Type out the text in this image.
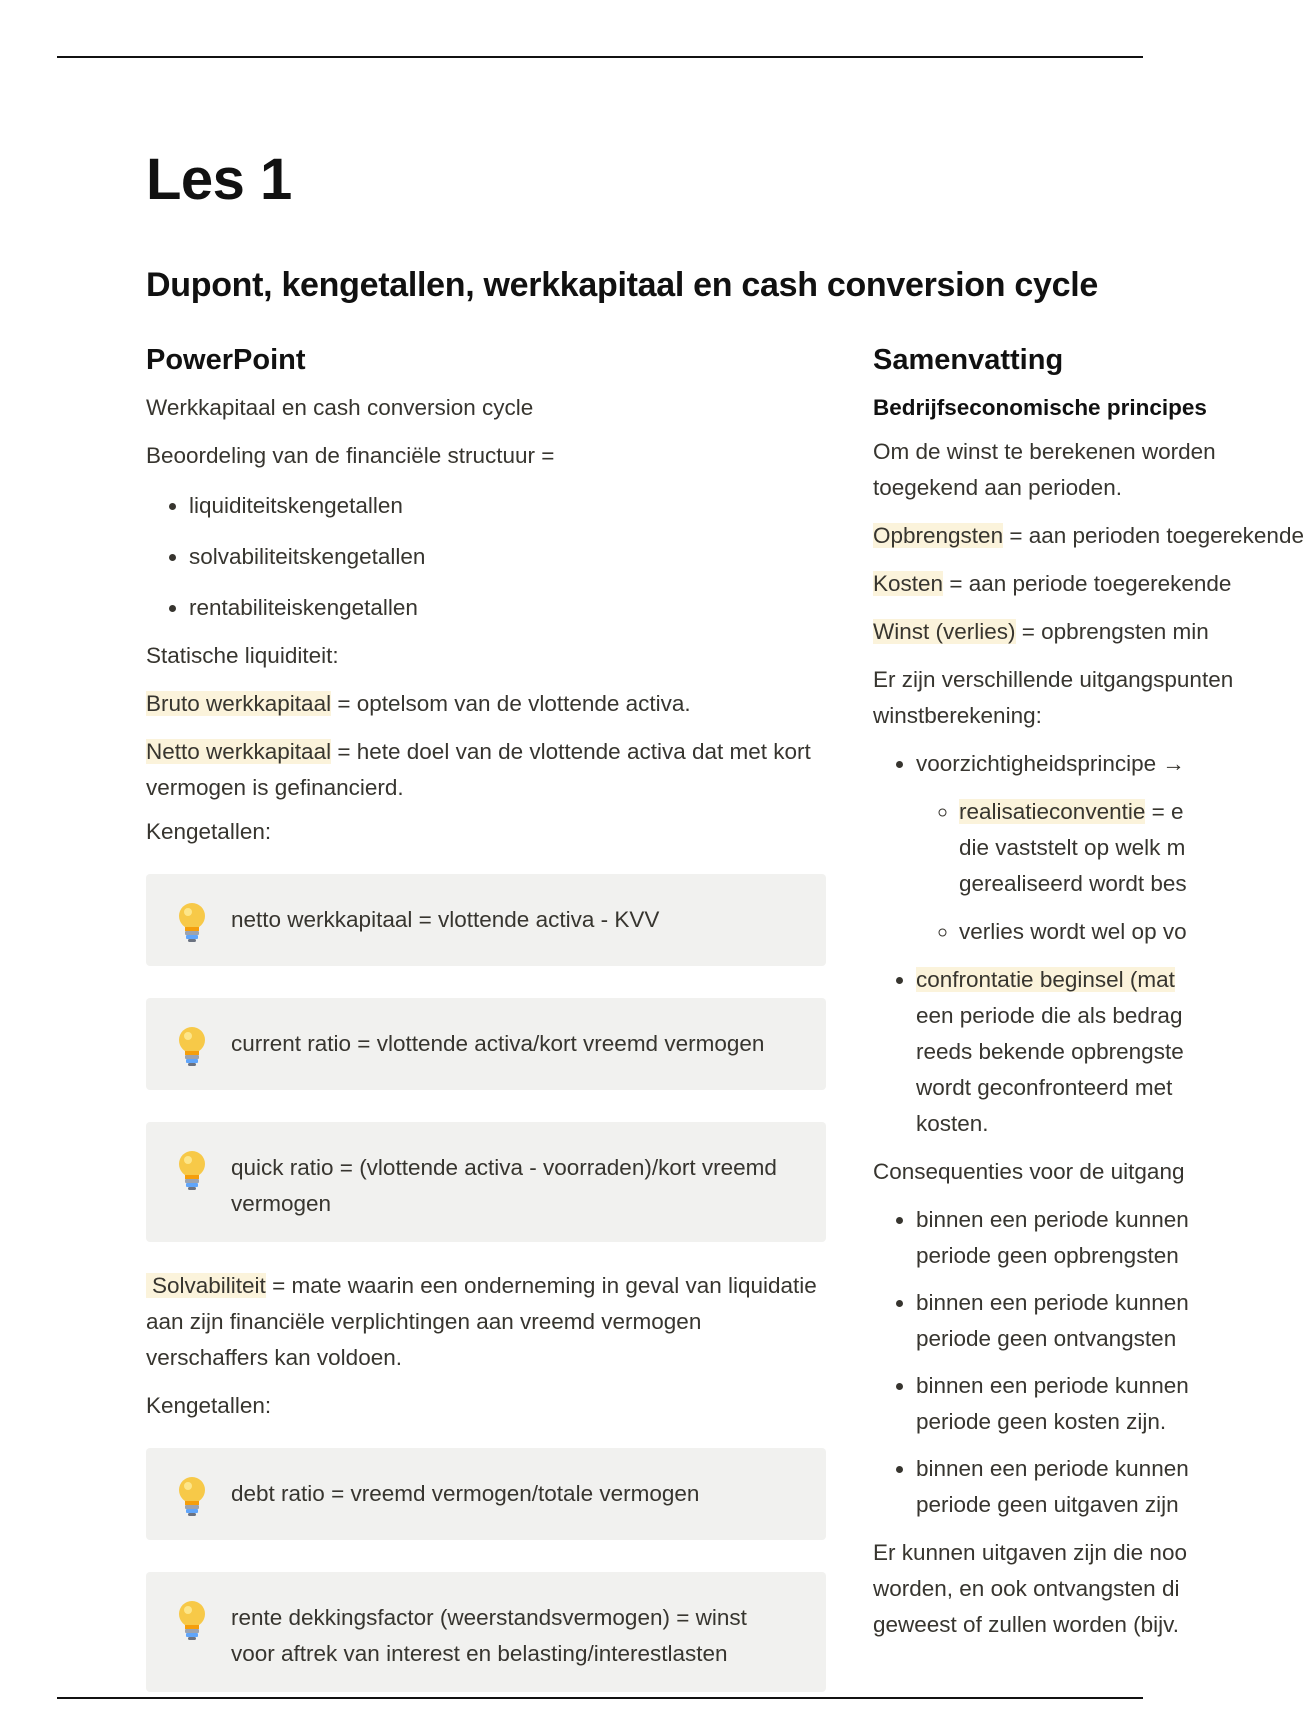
Les 1
Dupont, kengetallen, werkkapitaal en cash conversion cycle
PowerPoint

Werkkapitaal en cash conversion cycle

Beoordeling van de financiële structuur =

• liquiditeitskengetallen
• solvabiliteitskengetallen
• rentabiliteiskengetallen

Statische liquiditeit:

Bruto werkkapitaal = optelsom van de vlottende activa.

Netto werkkapitaal = hete doel van de vlottende activa dat met kort vermogen is gefinancierd.

Kengetallen:

netto werkkapitaal = vlottende activa - KVV
current ratio = vlottende activa/kort vreemd vermogen
quick ratio = (vlottende activa - voorraden)/kort vreemd vermogen

Solvabiliteit = mate waarin een onderneming in geval van liquidatie aan zijn financiële verplichtingen aan vreemd vermogen verschaffers kan voldoen.

Kengetallen:

debt ratio = vreemd vermogen/totale vermogen
rente dekkingsfactor (weerstandsvermogen) = winst voor aftrek van interest en belasting/interestlasten
Samenvatting

Bedrijfseconomische principes

Om de winst te berekenen worden
toegekend aan perioden.

Opbrengsten = aan perioden toegerekende

Kosten = aan periode toegerekende

Winst (verlies) = opbrengsten min

Er zijn verschillende uitgangspunten
winstberekening:

• voorzichtigheidsprincipe →
◦ realisatieconventie = e
die vaststelt op welk m
gerealiseerd wordt bes
◦ verlies wordt wel op vo
• confrontatie beginsel (mat
een periode die als bedrag
reeds bekende opbrengste
wordt geconfronteerd met
kosten.

Consequenties voor de uitgang

• binnen een periode kunnen
periode geen opbrengsten
• binnen een periode kunnen
periode geen ontvangsten
• binnen een periode kunnen
periode geen kosten zijn.
• binnen een periode kunnen
periode geen uitgaven zijn

Er kunnen uitgaven zijn die noo
worden, en ook ontvangsten di
geweest of zullen worden (bijv.
